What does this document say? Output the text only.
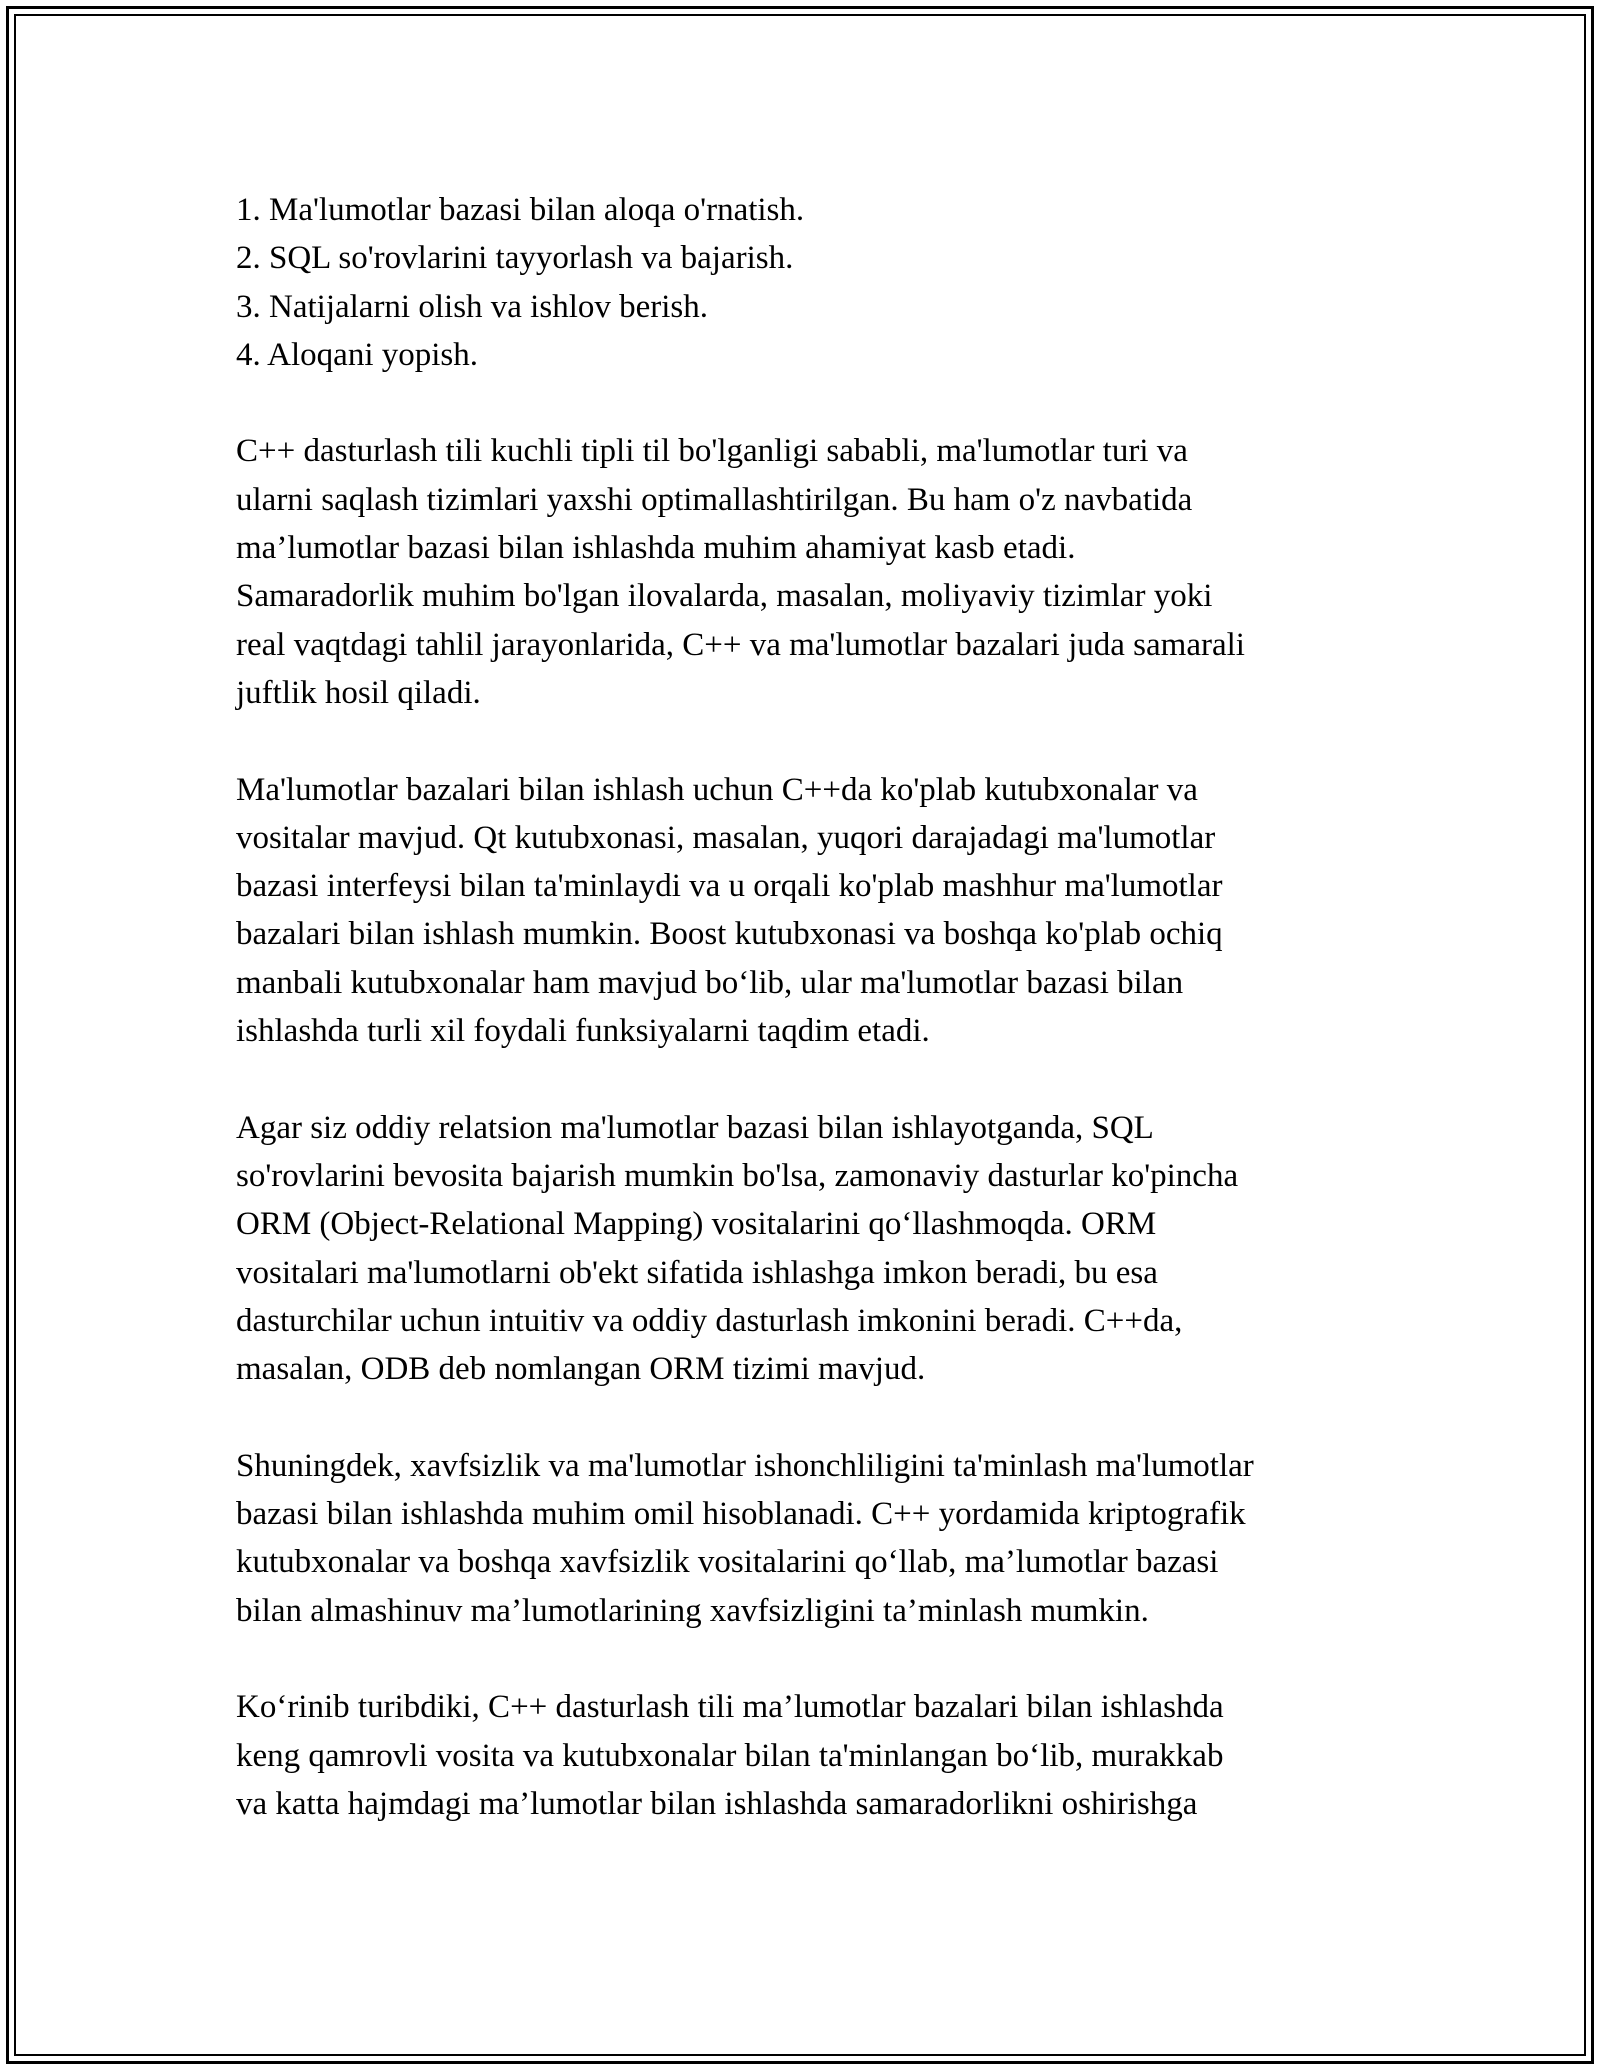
1. Ma'lumotlar bazasi bilan aloqa o'rnatish.
2. SQL so'rovlarini tayyorlash va bajarish.
3. Natijalarni olish va ishlov berish.
4. Aloqani yopish.
C++ dasturlash tili kuchli tipli til bo'lganligi sababli, ma'lumotlar turi va
ularni saqlash tizimlari yaxshi optimallashtirilgan. Bu ham o'z navbatida
ma’lumotlar bazasi bilan ishlashda muhim ahamiyat kasb etadi.
Samaradorlik muhim bo'lgan ilovalarda, masalan, moliyaviy tizimlar yoki
real vaqtdagi tahlil jarayonlarida, C++ va ma'lumotlar bazalari juda samarali
juftlik hosil qiladi.
Ma'lumotlar bazalari bilan ishlash uchun C++da ko'plab kutubxonalar va
vositalar mavjud. Qt kutubxonasi, masalan, yuqori darajadagi ma'lumotlar
bazasi interfeysi bilan ta'minlaydi va u orqali ko'plab mashhur ma'lumotlar
bazalari bilan ishlash mumkin. Boost kutubxonasi va boshqa ko'plab ochiq
manbali kutubxonalar ham mavjud bo‘lib, ular ma'lumotlar bazasi bilan
ishlashda turli xil foydali funksiyalarni taqdim etadi.
Agar siz oddiy relatsion ma'lumotlar bazasi bilan ishlayotganda, SQL
so'rovlarini bevosita bajarish mumkin bo'lsa, zamonaviy dasturlar ko'pincha
ORM (Object-Relational Mapping) vositalarini qo‘llashmoqda. ORM
vositalari ma'lumotlarni ob'ekt sifatida ishlashga imkon beradi, bu esa
dasturchilar uchun intuitiv va oddiy dasturlash imkonini beradi. C++da,
masalan, ODB deb nomlangan ORM tizimi mavjud.
Shuningdek, xavfsizlik va ma'lumotlar ishonchliligini ta'minlash ma'lumotlar
bazasi bilan ishlashda muhim omil hisoblanadi. C++ yordamida kriptografik
kutubxonalar va boshqa xavfsizlik vositalarini qo‘llab, ma’lumotlar bazasi
bilan almashinuv ma’lumotlarining xavfsizligini ta’minlash mumkin.
Ko‘rinib turibdiki, C++ dasturlash tili ma’lumotlar bazalari bilan ishlashda
keng qamrovli vosita va kutubxonalar bilan ta'minlangan bo‘lib, murakkab
va katta hajmdagi ma’lumotlar bilan ishlashda samaradorlikni oshirishga
